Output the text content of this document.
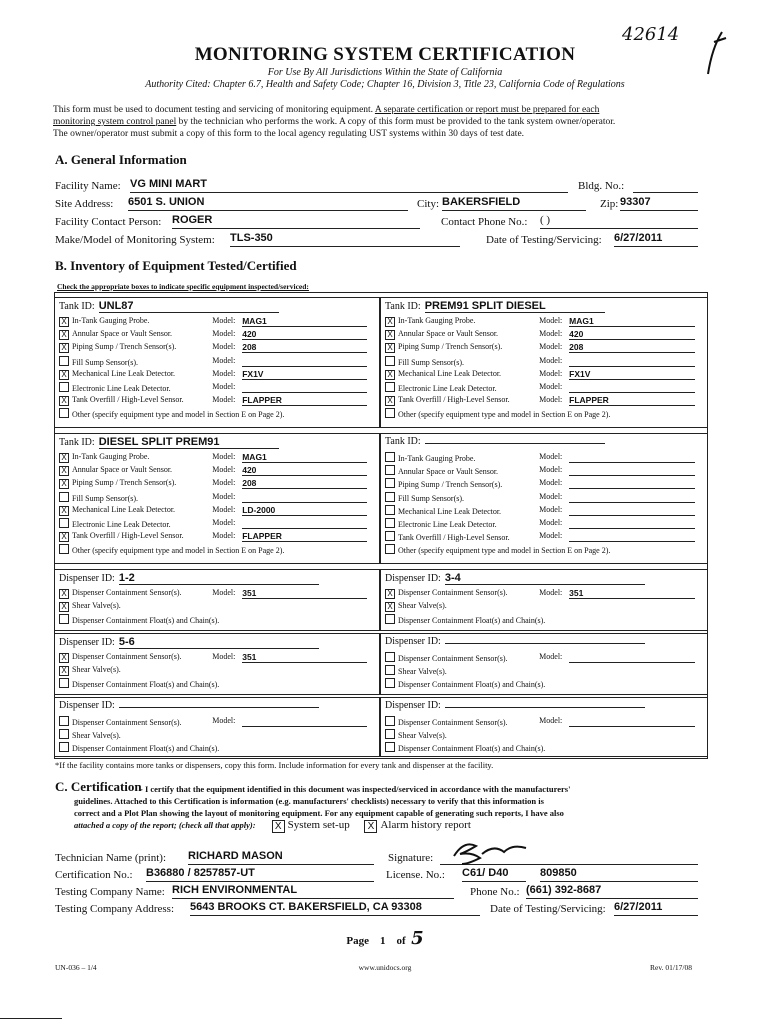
42614
MONITORING SYSTEM CERTIFICATION
For Use By All Jurisdictions Within the State of California
Authority Cited: Chapter 6.7, Health and Safety Code; Chapter 16, Division 3, Title 23, California Code of Regulations
This form must be used to document testing and servicing of monitoring equipment. A separate certification or report must be prepared for each
monitoring system control panel by the technician who performs the work. A copy of this form must be provided to the tank system owner/operator.
The owner/operator must submit a copy of this form to the local agency regulating UST systems within 30 days of test date.
A. General Information
Facility Name: VG MINI MART	Bldg. No.:
Site Address: 6501 S. UNION	City: BAKERSFIELD	Zip: 93307
Facility Contact Person: ROGER	Contact Phone No.: ( )
Make/Model of Monitoring System: TLS-350	Date of Testing/Servicing: 6/27/2011
B. Inventory of Equipment Tested/Certified
Check the appropriate boxes to indicate specific equipment inspected/serviced:
Tank ID: UNL87
X In-Tank Gauging Probe.	Model: MAG1
X Annular Space or Vault Sensor.	Model: 420
X Piping Sump / Trench Sensor(s).	Model: 208
Fill Sump Sensor(s).	Model:
X Mechanical Line Leak Detector.	Model: FX1V
Electronic Line Leak Detector.	Model:
X Tank Overfill / High-Level Sensor.	Model: FLAPPER
Other (specify equipment type and model in Section E on Page 2).
Tank ID: PREM91 SPLIT DIESEL
X In-Tank Gauging Probe.	Model: MAG1
X Annular Space or Vault Sensor.	Model: 420
X Piping Sump / Trench Sensor(s).	Model: 208
Fill Sump Sensor(s).	Model:
X Mechanical Line Leak Detector.	Model: FX1V
Electronic Line Leak Detector.	Model:
X Tank Overfill / High-Level Sensor.	Model: FLAPPER
Other (specify equipment type and model in Section E on Page 2).
Tank ID: DIESEL SPLIT PREM91
X In-Tank Gauging Probe.	Model: MAG1
X Annular Space or Vault Sensor.	Model: 420
X Piping Sump / Trench Sensor(s).	Model: 208
Fill Sump Sensor(s).	Model:
X Mechanical Line Leak Detector.	Model: LD-2000
Electronic Line Leak Detector.	Model:
X Tank Overfill / High-Level Sensor.	Model: FLAPPER
Other (specify equipment type and model in Section E on Page 2).
Tank ID:
In-Tank Gauging Probe.	Model:
Annular Space or Vault Sensor.	Model:
Piping Sump / Trench Sensor(s).	Model:
Fill Sump Sensor(s).	Model:
Mechanical Line Leak Detector.	Model:
Electronic Line Leak Detector.	Model:
Tank Overfill / High-Level Sensor.	Model:
Other (specify equipment type and model in Section E on Page 2).
Dispenser ID: 1-2
X Dispenser Containment Sensor(s).	Model: 351
X Shear Valve(s).
Dispenser Containment Float(s) and Chain(s).
Dispenser ID: 3-4
X Dispenser Containment Sensor(s).	Model: 351
X Shear Valve(s).
Dispenser Containment Float(s) and Chain(s).
Dispenser ID: 5-6
X Dispenser Containment Sensor(s).	Model: 351
X Shear Valve(s).
Dispenser Containment Float(s) and Chain(s).
Dispenser ID:
Dispenser Containment Sensor(s).	Model:
Shear Valve(s).
Dispenser Containment Float(s) and Chain(s).
Dispenser ID:
Dispenser Containment Sensor(s).	Model:
Shear Valve(s).
Dispenser Containment Float(s) and Chain(s).
Dispenser ID:
Dispenser Containment Sensor(s).	Model:
Shear Valve(s).
Dispenser Containment Float(s) and Chain(s).
*If the facility contains more tanks or dispensers, copy this form. Include information for every tank and dispenser at the facility.
C. Certification
- I certify that the equipment identified in this document was inspected/serviced in accordance with the manufacturers'
guidelines. Attached to this Certification is information (e.g. manufacturers' checklists) necessary to verify that this information is
correct and a Plot Plan showing the layout of monitoring equipment. For any equipment capable of generating such reports, I have also
attached a copy of the report; (check all that apply): X System set-up X Alarm history report
Technician Name (print): RICHARD MASON	Signature:
Certification No.: B36880 / 8257857-UT	License. No.: C61/ D40	809850
Testing Company Name: RICH ENVIRONMENTAL	Phone No.: (661) 392-8687
Testing Company Address: 5643 BROOKS CT. BAKERSFIELD, CA 93308	Date of Testing/Servicing: 6/27/2011
Page 1 of 5
UN-036 – 1/4	www.unidocs.org	Rev. 01/17/08
